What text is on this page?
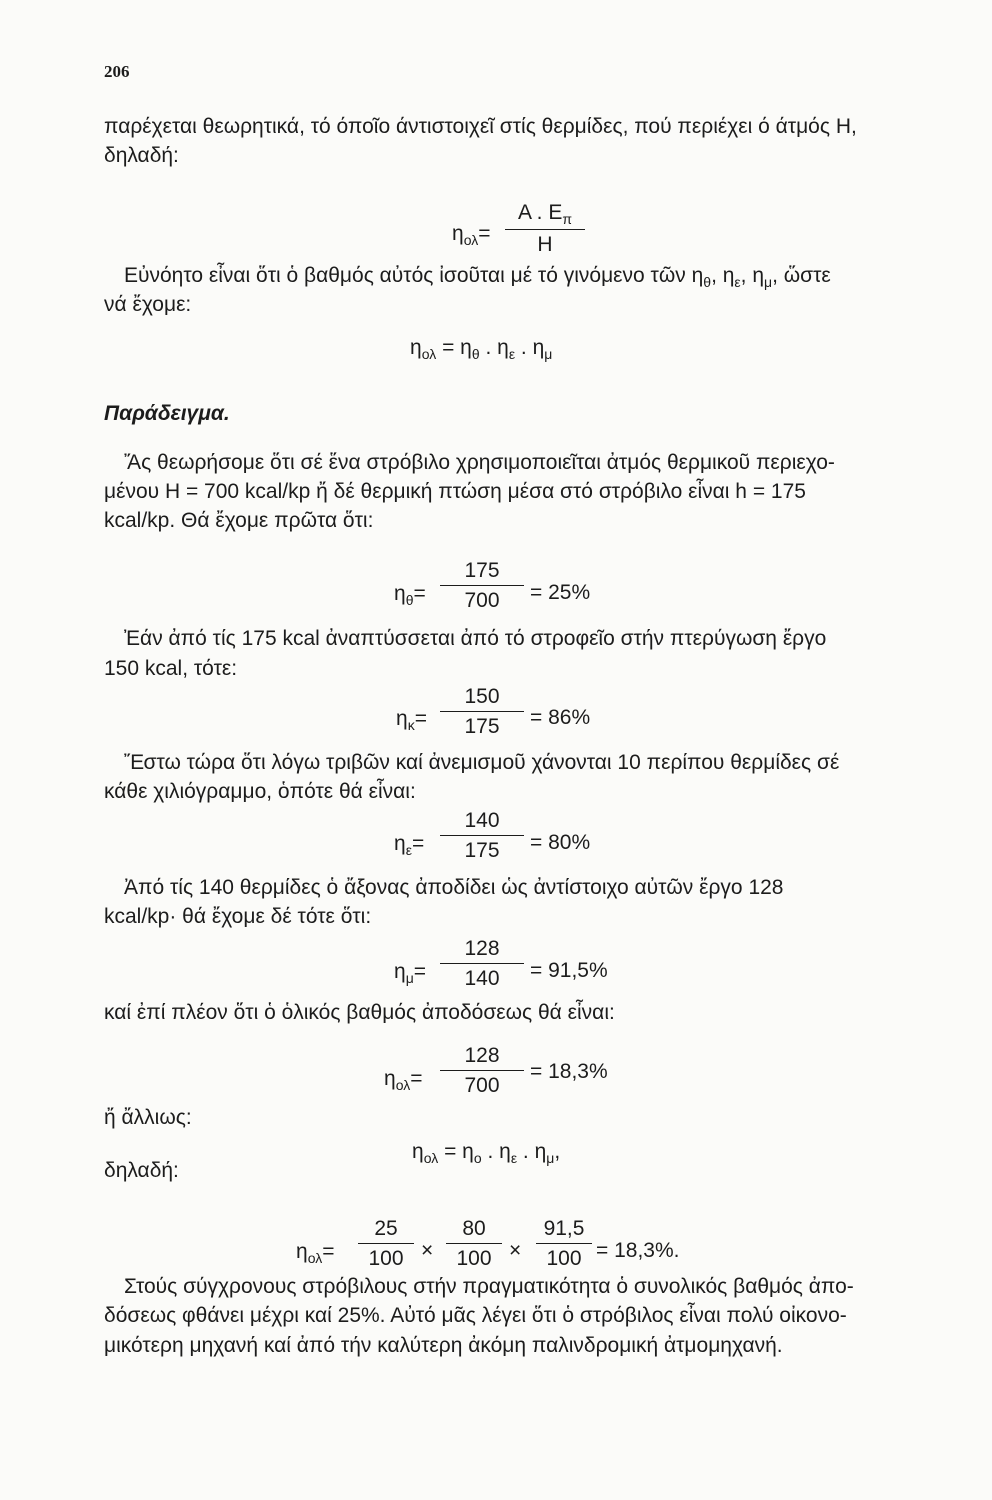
206
παρέχεται θεωρητικά, τό όποῖο άντιστοιχεῖ στίς θερμίδες, πού περιέχει ό άτμός Η,
δηλαδή:
$\eta_{o\lambda}=$
Α . $E_\pi$
Η
Εὐνόητο εἶναι ὅτι ὁ βαθμός αὐτός ἰσοῦται μέ τό γινόμενο τῶν $\eta_\theta$, $\eta_\varepsilon$, $\eta_\mu$, ὥστε
νά ἔχομε:
$\eta_{o\lambda} = \eta_\theta$ . $\eta_\varepsilon$ . $\eta_\mu$
Παράδειγμα.
Ἄς θεωρήσομε ὅτι σέ ἕνα στρόβιλο χρησιμοποιεῖται ἀτμός θερμικοῦ περιεχο-
μένου Η = 700 kcal/kp ἤ δέ θερμική πτώση μέσα στό στρόβιλο εἶναι h = 175
kcal/kp. Θά ἔχομε πρῶτα ὅτι:
$\eta_\theta=$
175
700	= 25%
Ἐάν ἀπό τίς 175 kcal ἀναπτύσσεται ἀπό τό στροφεῖο στήν πτερύγωση ἔργο
150 kcal, τότε:
$\eta_\kappa=$
150
175	= 86%
Ἔστω τώρα ὅτι λόγω τριβῶν καί ἀνεμισμοῦ χάνονται 10 περίπου θερμίδες σέ
κάθε χιλιόγραμμο, ὁπότε θά εἶναι:
$\eta_\varepsilon=$
140
175	= 80%
Ἀπό τίς 140 θερμίδες ὁ ἄξονας ἀποδίδει ὡς ἀντίστοιχο αὐτῶν ἔργο 128
kcal/kp· θά ἔχομε δέ τότε ὅτι:
$\eta_\mu=$
128
140	= 91,5%
καί ἐπί πλέον ὅτι ὁ ὁλικός βαθμός ἀποδόσεως θά εἶναι:
$\eta_{o\lambda}=$
128
700
= 18,3%
ἤ ἄλλιως:
$\eta_{o\lambda} = \eta_o$ . $\eta_\varepsilon$ . $\eta_\mu$,
δηλαδή:
$\eta_{o\lambda}=$
25
100 ×
80
100 ×
91,5
100 = 18,3%.
Στούς σύγχρονους στρόβιλους στήν πραγματικότητα ὁ συνολικός βαθμός ἀπο-
δόσεως φθάνει μέχρι καί 25%. Αὐτό μᾶς λέγει ὅτι ὁ στρόβιλος εἶναι πολύ οἰκονο-
μικότερη μηχανή καί ἀπό τήν καλύτερη ἀκόμη παλινδρομική ἀτμομηχανή.
